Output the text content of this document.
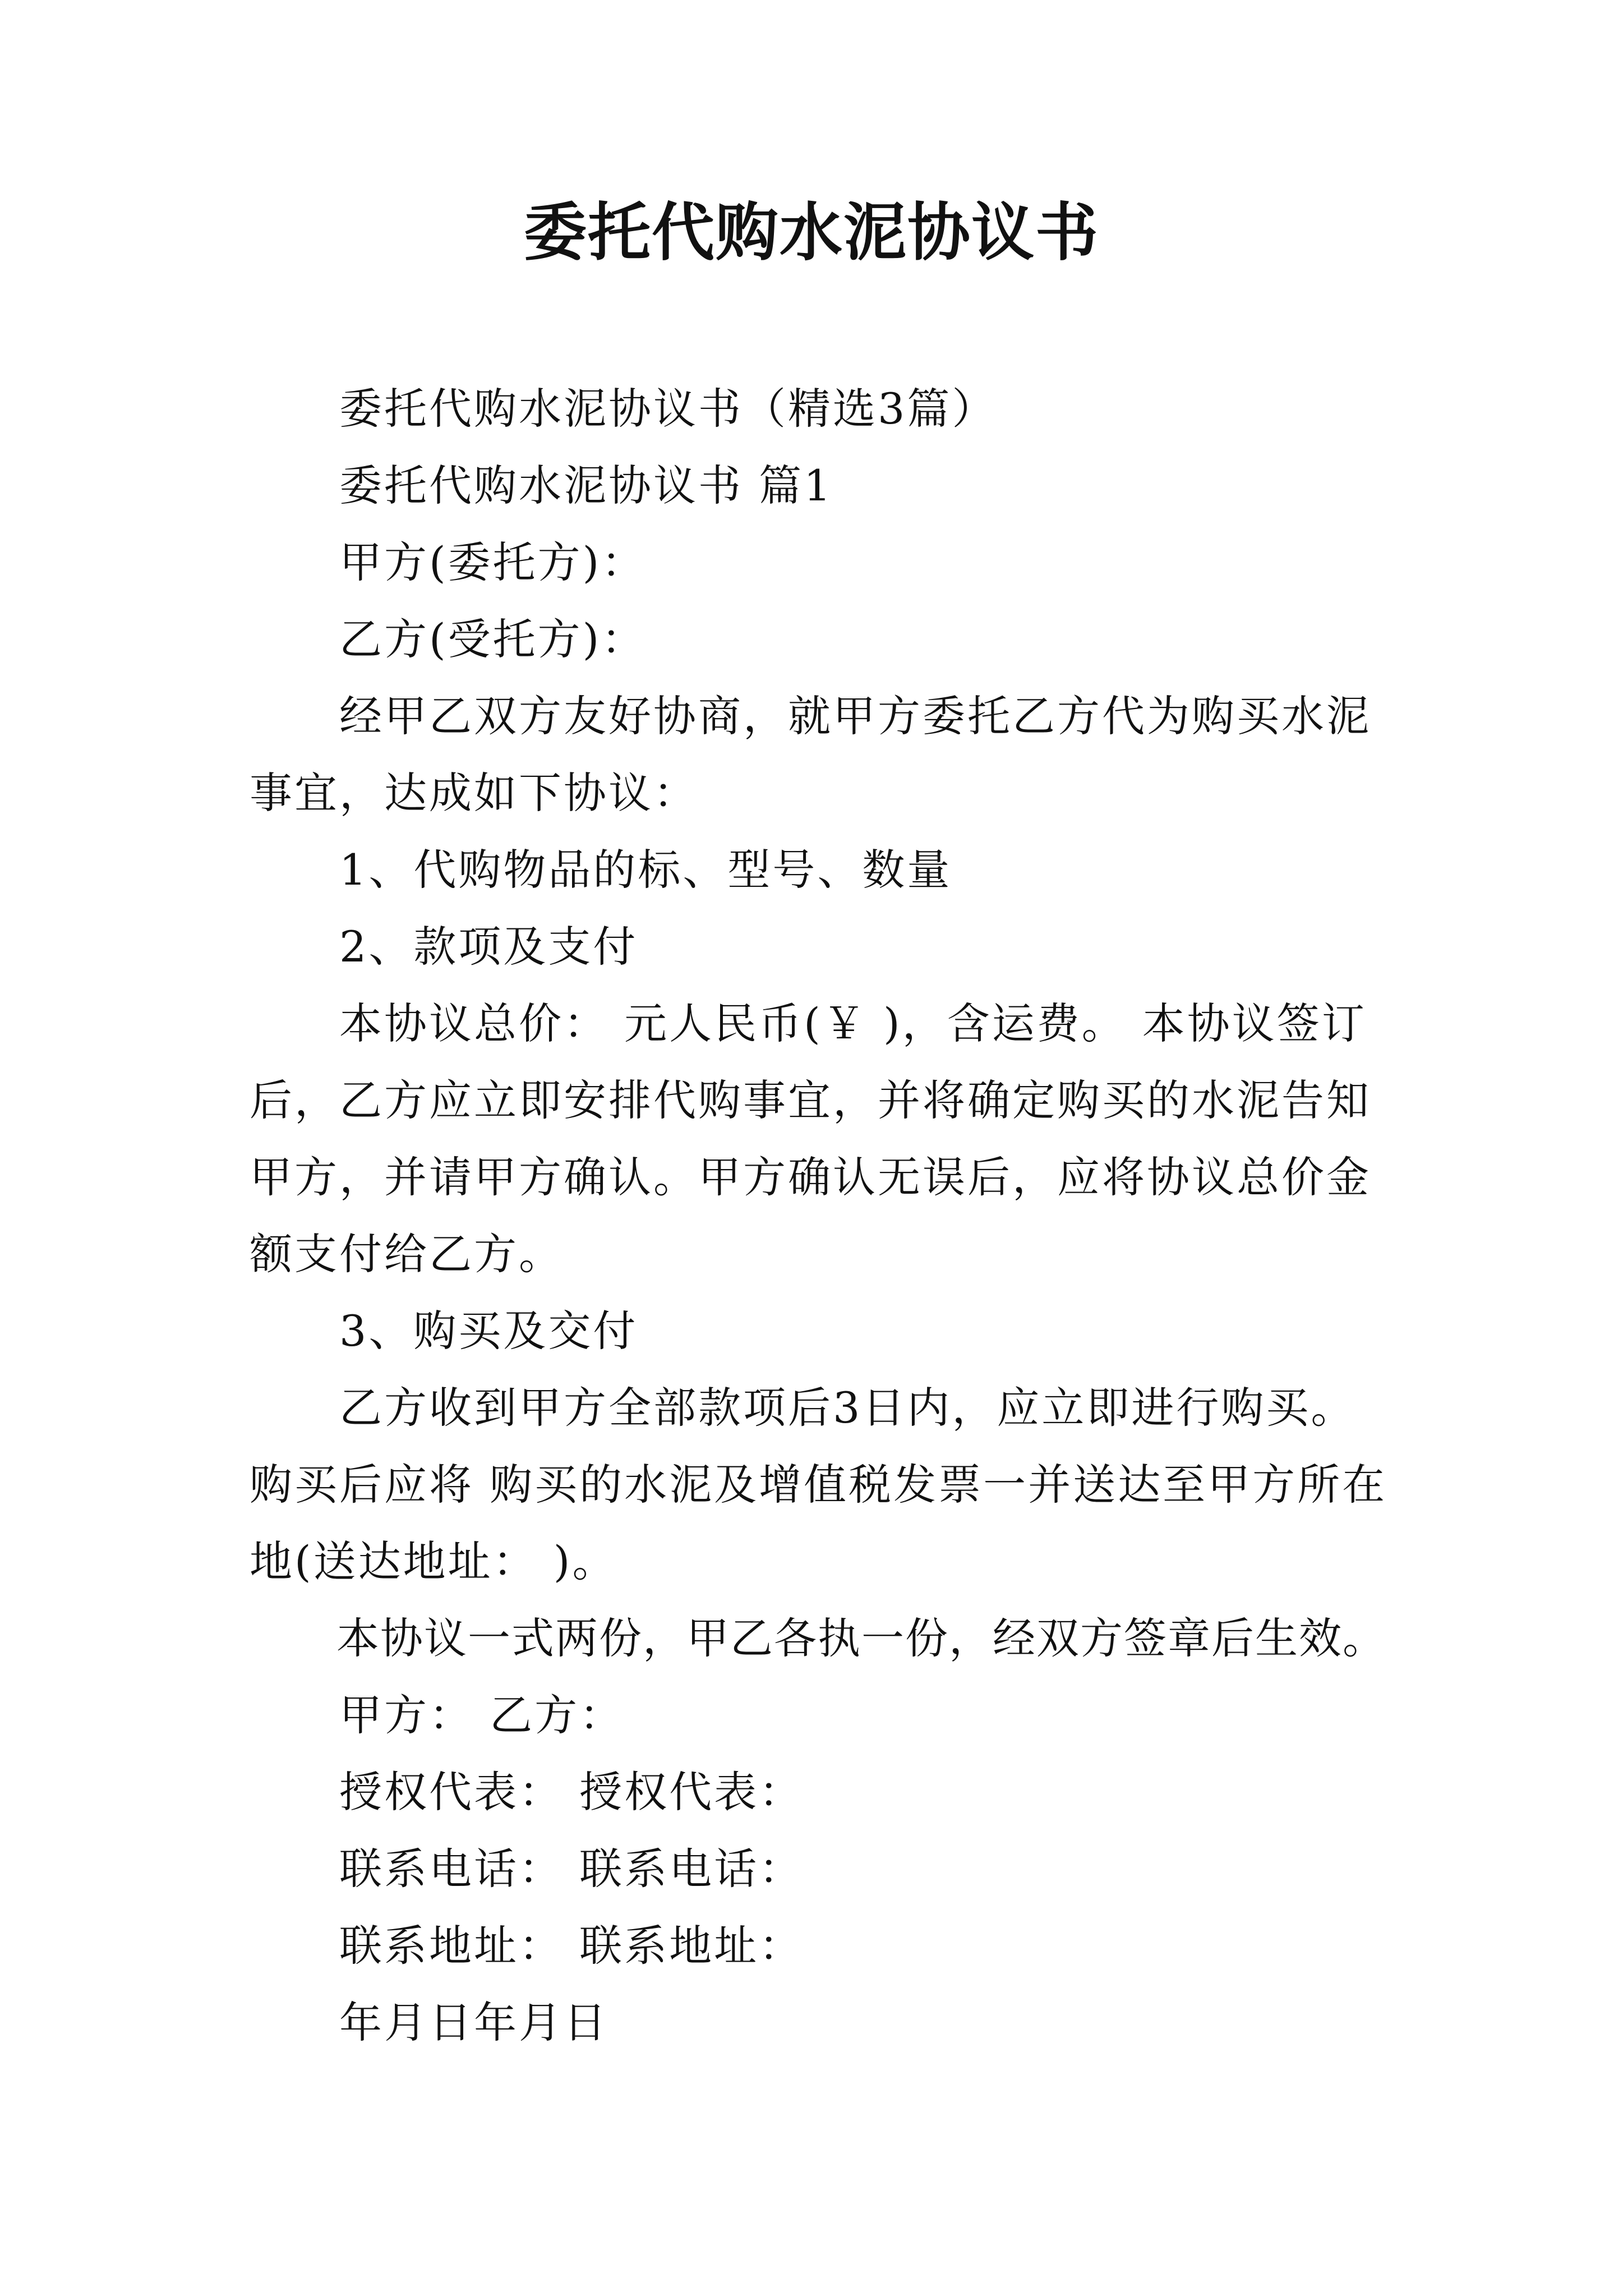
委托代购水泥协议书

委托代购水泥协议书（精选3篇）

委托代购水泥协议书 篇1

甲方(委托方)：

乙方(受托方)：

经甲乙双方友好协商，就甲方委托乙方代为购买水泥事宜，达成如下协议：

1、代购物品的标、型号、数量

2、款项及支付

本协议总价： 元人民币(￥ )，含运费。 本协议签订后，乙方应立即安排代购事宜，并将确定购买的水泥告知甲方，并请甲方确认。甲方确认无误后，应将协议总价金额支付给乙方。

3、购买及交付

乙方收到甲方全部款项后3日内，应立即进行购买。购买后应将 购买的水泥及增值税发票一并送达至甲方所在地(送达地址： )。

本协议一式两份，甲乙各执一份，经双方签章后生效。

甲方： 乙方：

授权代表： 授权代表：

联系电话： 联系电话：

联系地址： 联系地址：

年月日年月日
